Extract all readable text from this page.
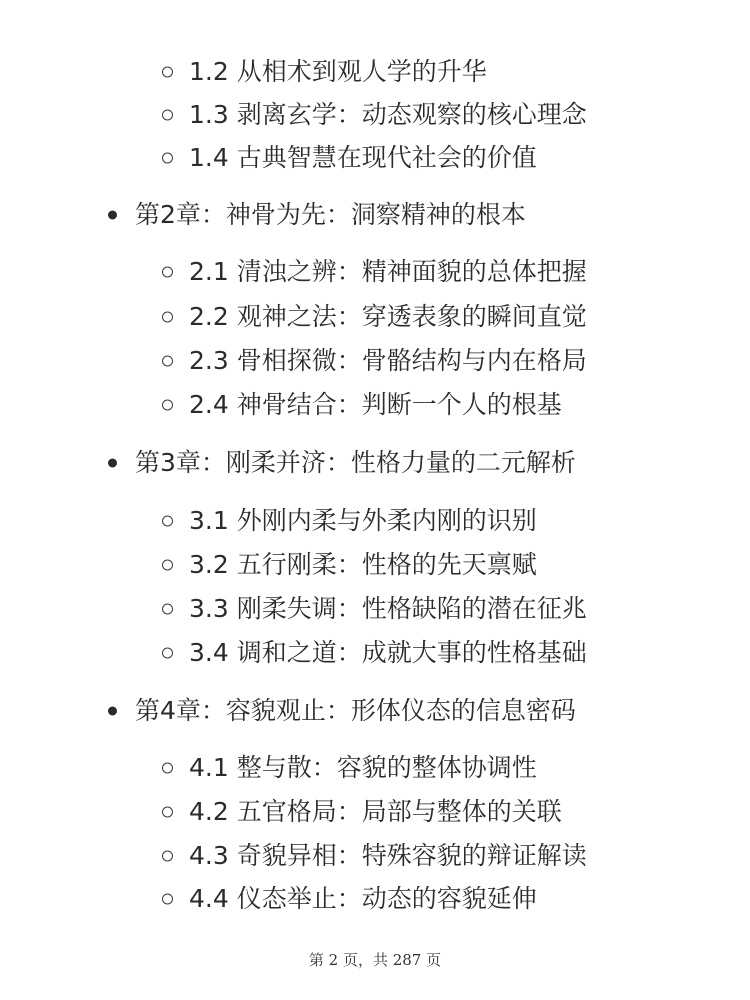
1.2 从相术到观人学的升华
1.3 剥离玄学：动态观察的核心理念
1.4 古典智慧在现代社会的价值
第2章：神骨为先：洞察精神的根本
2.1 清浊之辨：精神面貌的总体把握
2.2 观神之法：穿透表象的瞬间直觉
2.3 骨相探微：骨骼结构与内在格局
2.4 神骨结合：判断一个人的根基
第3章：刚柔并济：性格力量的二元解析
3.1 外刚内柔与外柔内刚的识别
3.2 五行刚柔：性格的先天禀赋
3.3 刚柔失调：性格缺陷的潜在征兆
3.4 调和之道：成就大事的性格基础
第4章：容貌观止：形体仪态的信息密码
4.1 整与散：容貌的整体协调性
4.2 五官格局：局部与整体的关联
4.3 奇貌异相：特殊容貌的辩证解读
4.4 仪态举止：动态的容貌延伸
第 2 页，共 287 页
